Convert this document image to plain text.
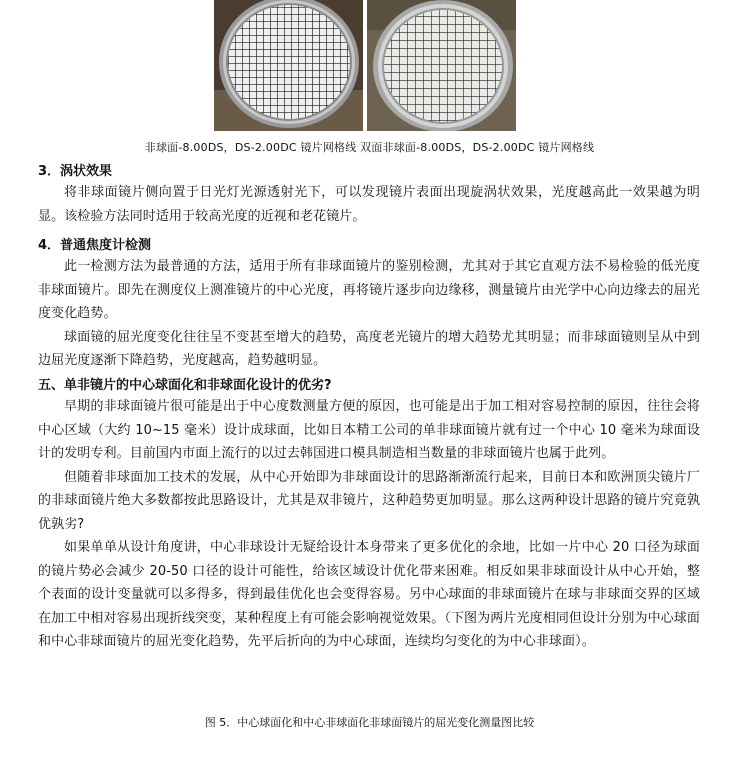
非球面-8.00DS，DS-2.00DC 镜片网格线 双面非球面-8.00DS，DS-2.00DC 镜片网格线
3．涡状效果
将非球面镜片侧向置于日光灯光源透射光下，可以发现镜片表面出现旋涡状效果，光度越高此一效果越为明显。该检验方法同时适用于较高光度的近视和老花镜片。
4．普通焦度计检测
此一检测方法为最普通的方法，适用于所有非球面镜片的鉴别检测，尤其对于其它直观方法不易检验的低光度非球面镜片。即先在测度仪上测准镜片的中心光度，再将镜片逐步向边缘移，测量镜片由光学中心向边缘去的屈光度变化趋势。
球面镜的屈光度变化往往呈不变甚至增大的趋势，高度老光镜片的增大趋势尤其明显；而非球面镜则呈从中到边屈光度逐渐下降趋势，光度越高，趋势越明显。
五、单非镜片的中心球面化和非球面化设计的优劣?
早期的非球面镜片很可能是出于中心度数测量方便的原因，也可能是出于加工相对容易控制的原因，往往会将中心区域（大约 10~15 毫米）设计成球面，比如日本精工公司的单非球面镜片就有过一个中心 10 毫米为球面设计的发明专利。目前国内市面上流行的以过去韩国进口模具制造相当数量的非球面镜片也属于此列。
但随着非球面加工技术的发展，从中心开始即为非球面设计的思路渐渐流行起来，目前日本和欧洲顶尖镜片厂的非球面镜片绝大多数都按此思路设计，尤其是双非镜片，这种趋势更加明显。那么这两种设计思路的镜片究竟孰优孰劣?
如果单单从设计角度讲，中心非球设计无疑给设计本身带来了更多优化的余地，比如一片中心 20 口径为球面的镜片势必会减少 20-50 口径的设计可能性，给该区域设计优化带来困难。相反如果非球面设计从中心开始，整个表面的设计变量就可以多得多，得到最佳优化也会变得容易。另中心球面的非球面镜片在球与非球面交界的区域在加工中相对容易出现折线突变，某种程度上有可能会影响视觉效果。（下图为两片光度相同但设计分别为中心球面和中心非球面镜片的屈光变化趋势，先平后折向的为中心球面，连续均匀变化的为中心非球面）。
图 5．中心球面化和中心非球面化非球面镜片的屈光变化测量图比较
